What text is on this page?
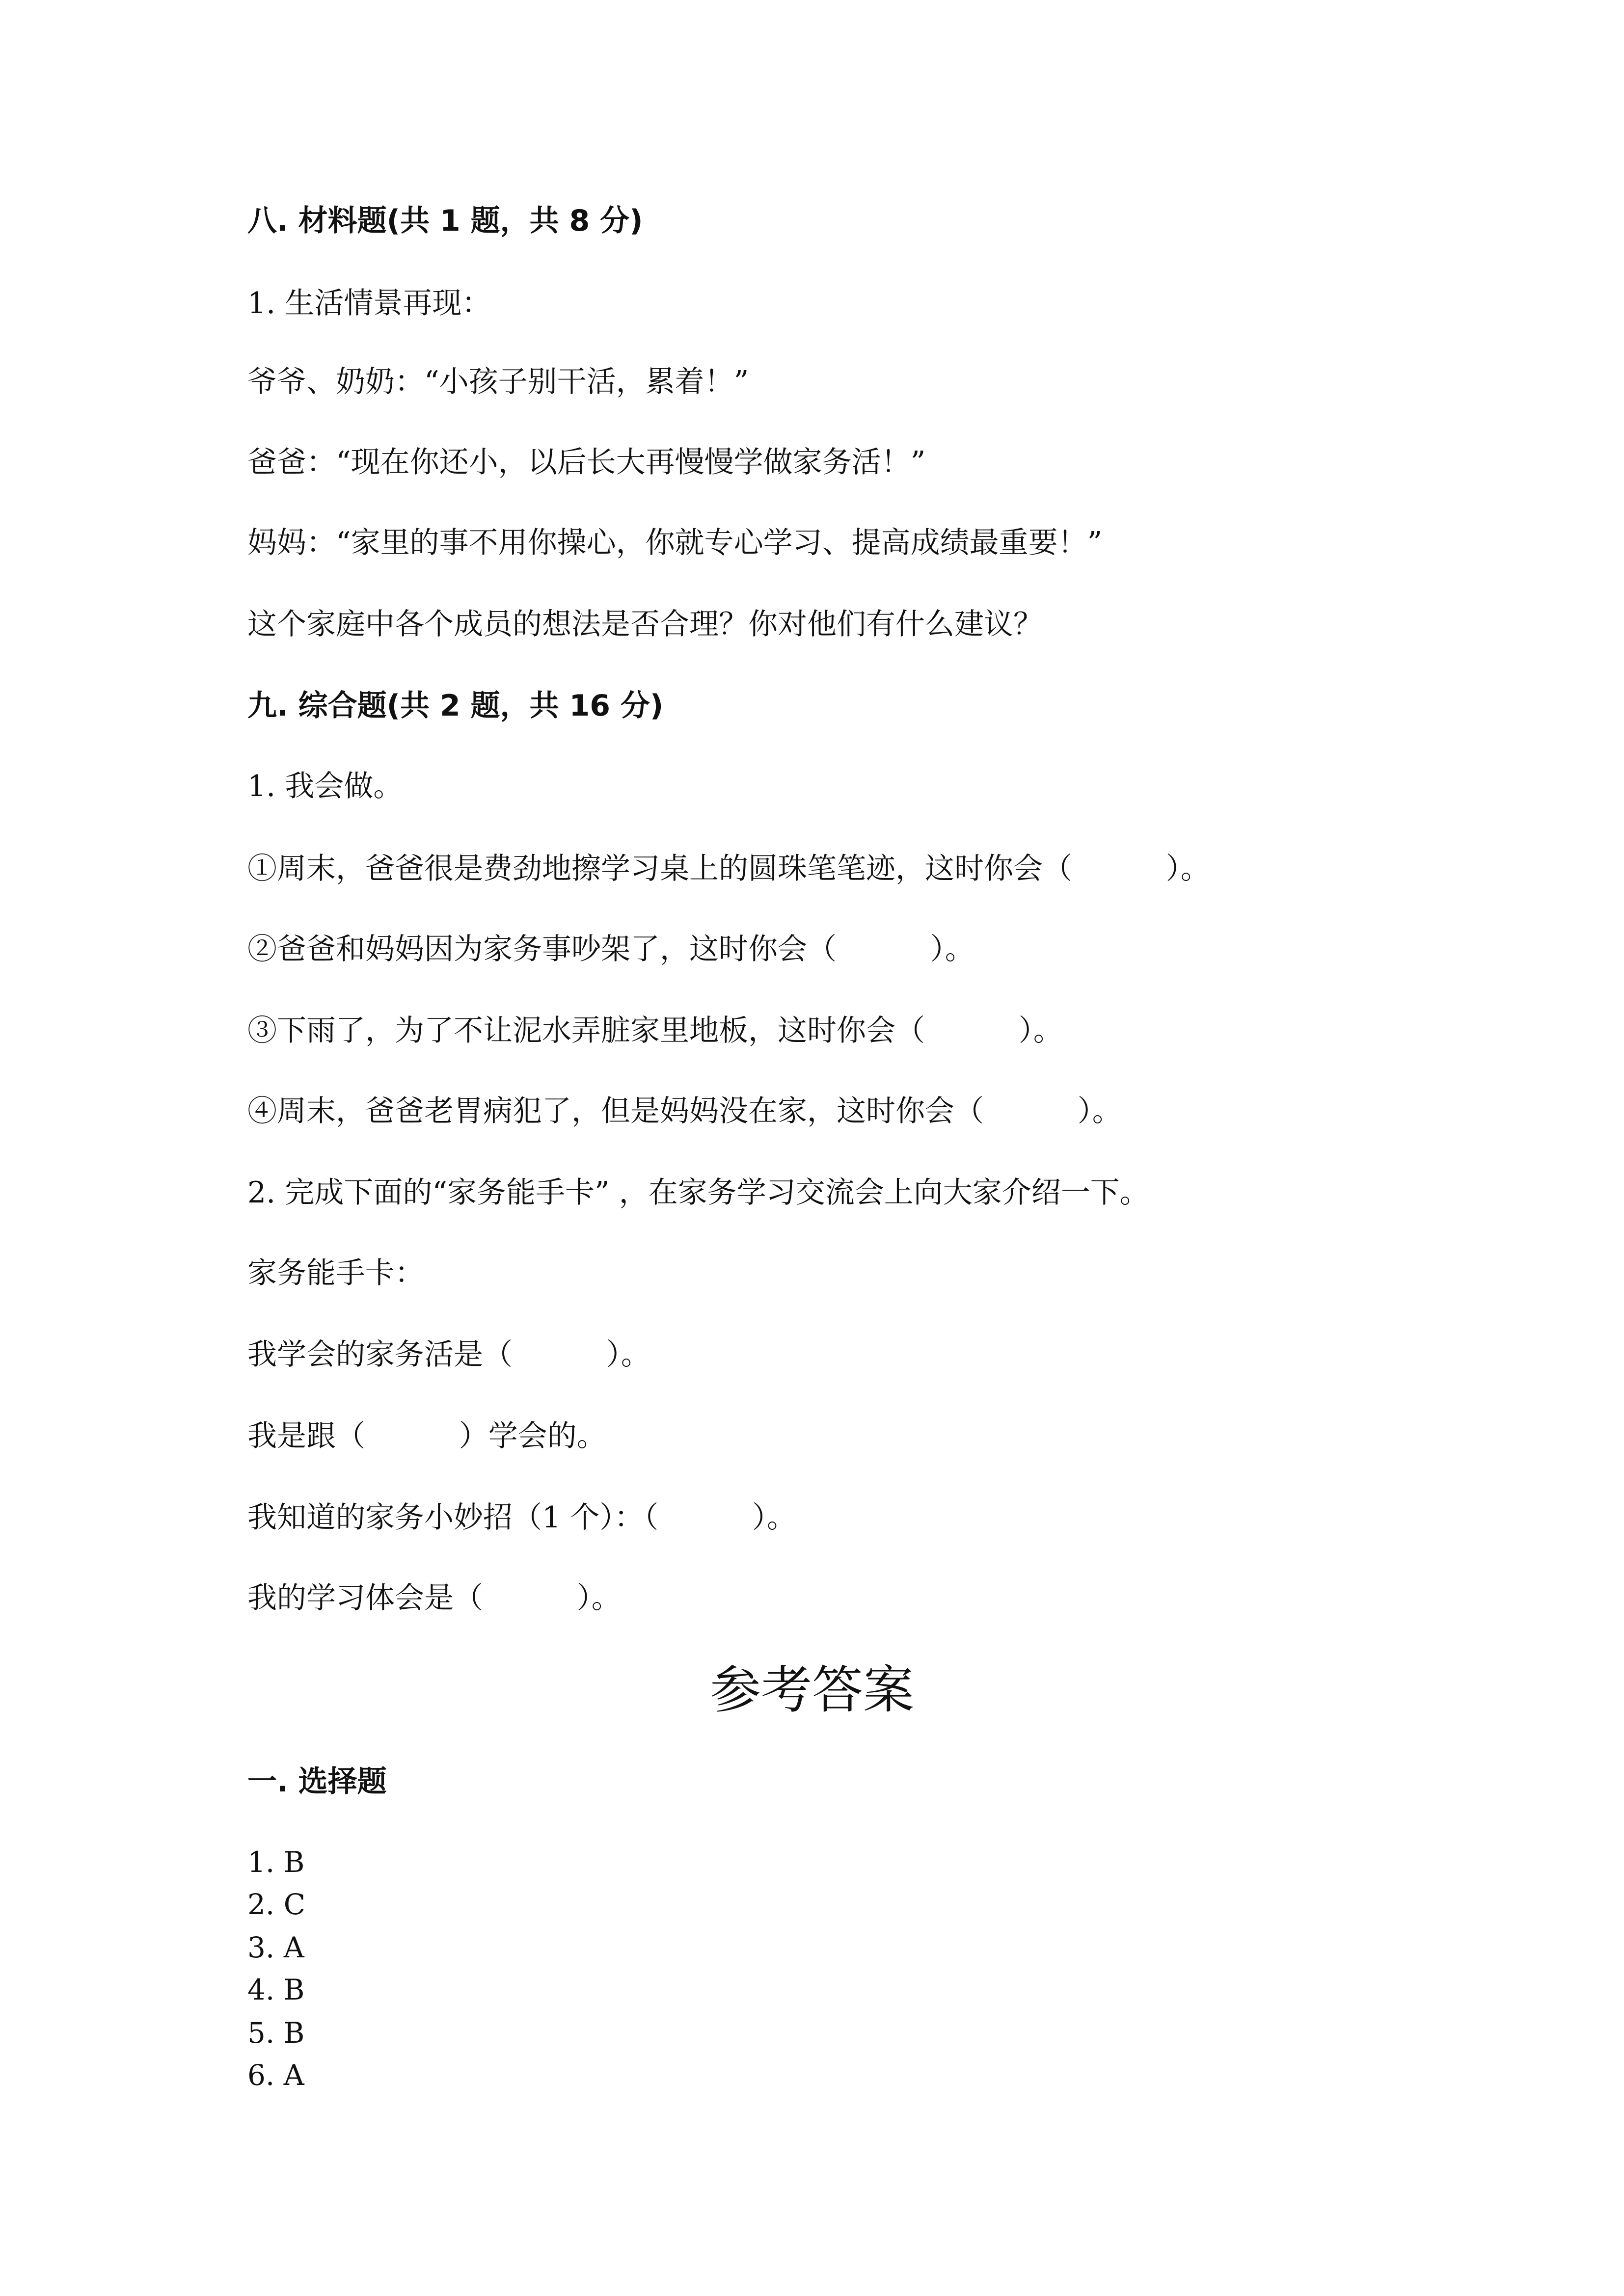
八. 材料题(共 1 题，共 8 分)
1. 生活情景再现：
爷爷、奶奶：“小孩子别干活，累着！”
爸爸：“现在你还小，以后长大再慢慢学做家务活！”
妈妈：“家里的事不用你操心，你就专心学习、提高成绩最重要！”
这个家庭中各个成员的想法是否合理？你对他们有什么建议？
九. 综合题(共 2 题，共 16 分)
1. 我会做。
①周末，爸爸很是费劲地擦学习桌上的圆珠笔笔迹，这时你会（          ）。
②爸爸和妈妈因为家务事吵架了，这时你会（          ）。
③下雨了，为了不让泥水弄脏家里地板，这时你会（          ）。
④周末，爸爸老胃病犯了，但是妈妈没在家，这时你会（          ）。
2. 完成下面的“家务能手卡” ，在家务学习交流会上向大家介绍一下。
家务能手卡：
我学会的家务活是（          ）。
我是跟（          ）学会的。
我知道的家务小妙招（1 个）：（          ）。
我的学习体会是（          ）。
参考答案
一. 选择题
1. B
2. C
3. A
4. B
5. B
6. A
